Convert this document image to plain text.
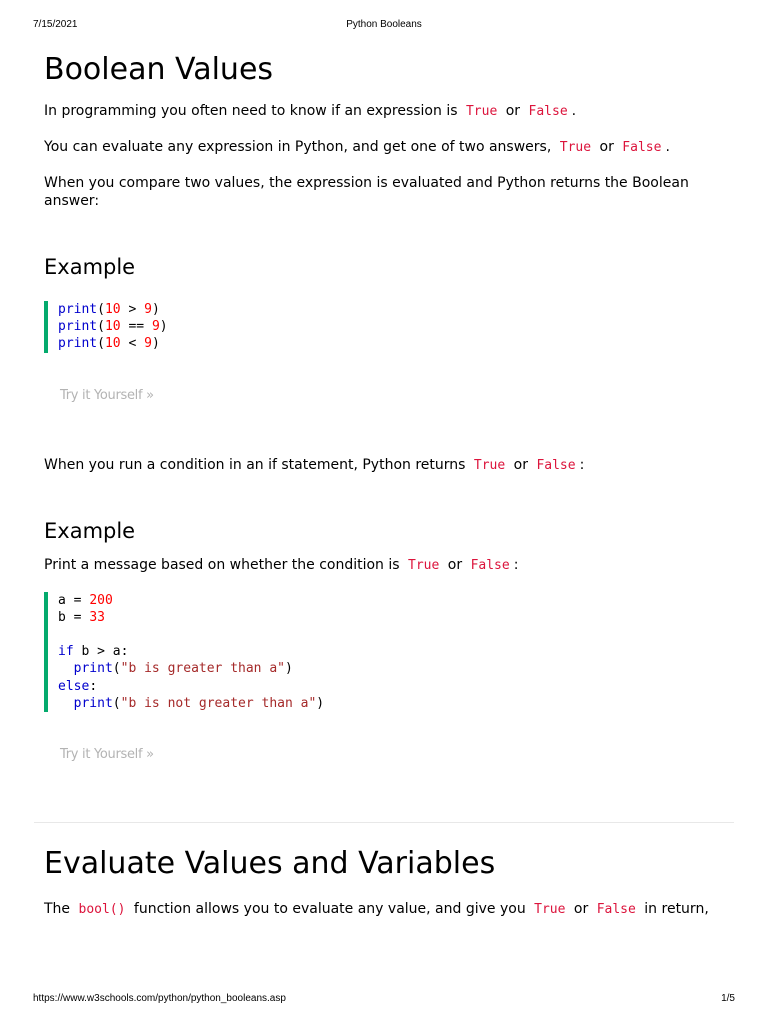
7/15/2021	Python Booleans
Boolean Values

In programming you often need to know if an expression is True or False .

You can evaluate any expression in Python, and get one of two answers, True or False .

When you compare two values, the expression is evaluated and Python returns the Boolean answer:

Example
print(10 > 9)
print(10 == 9)
print(10 < 9)
Try it Yourself »

When you run a condition in an if statement, Python returns True or False :

Example

Print a message based on whether the condition is True or False :

a = 200
b = 33
if b > a:
print("b is greater than a")
else:
print("b is not greater than a")
Try it Yourself »
Evaluate Values and Variables

The bool() function allows you to evaluate any value, and give you True or False in return,

https://www.w3schools.com/python/python_booleans.asp	1/5
